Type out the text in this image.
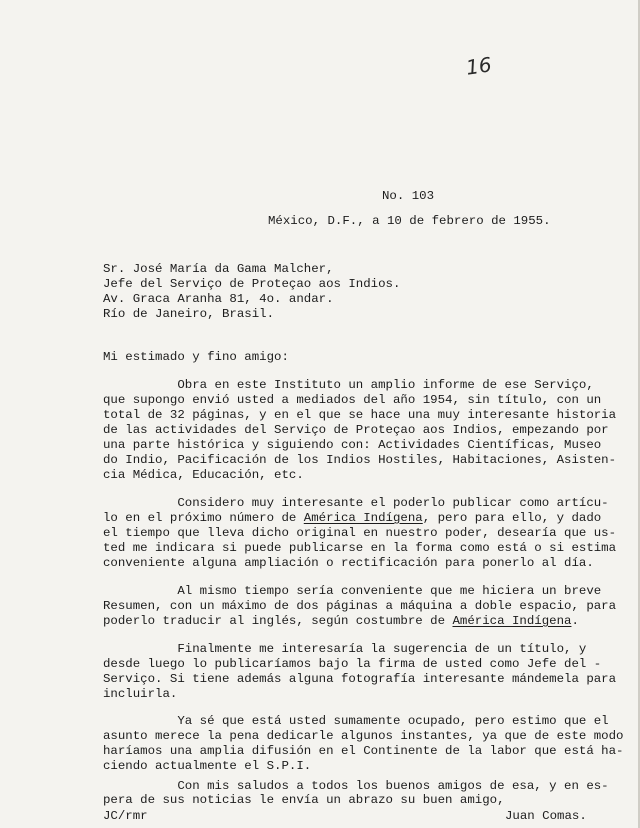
16
No. 103
México, D.F., a 10 de febrero de 1955.
Sr. José María da Gama Malcher,
Jefe del Serviço de Proteçao aos Indios.
Av. Graca Aranha 81, 4o. andar.
Río de Janeiro, Brasil.
Mi estimado y fino amigo:
Obra en este Instituto un amplio informe de ese Serviço,
que supongo envió usted a mediados del año 1954, sin título, con un
total de 32 páginas, y en el que se hace una muy interesante historia
de las actividades del Serviço de Proteçao aos Indios, empezando por
una parte histórica y siguiendo con: Actividades Científicas, Museo
do Indio, Pacificación de los Indios Hostiles, Habitaciones, Asisten-
cia Médica, Educación, etc.
Considero muy interesante el poderlo publicar como artícu-
lo en el próximo número de América Indígena, pero para ello, y dado
el tiempo que lleva dicho original en nuestro poder, desearía que us-
ted me indicara si puede publicarse en la forma como está o si estima
conveniente alguna ampliación o rectificación para ponerlo al día.
Al mismo tiempo sería conveniente que me hiciera un breve
Resumen, con un máximo de dos páginas a máquina a doble espacio, para
poderlo traducir al inglés, según costumbre de América Indígena.
Finalmente me interesaría la sugerencia de un título, y
desde luego lo publicaríamos bajo la firma de usted como Jefe del -
Serviço. Si tiene además alguna fotografía interesante mándemela para
incluirla.
Ya sé que está usted sumamente ocupado, pero estimo que el
asunto merece la pena dedicarle algunos instantes, ya que de este modo
haríamos una amplia difusión en el Continente de la labor que está ha-
ciendo actualmente el S.P.I.
Con mis saludos a todos los buenos amigos de esa, y en es-
pera de sus noticias le envía un abrazo su buen amigo,
JC/rmr	Juan Comas.
